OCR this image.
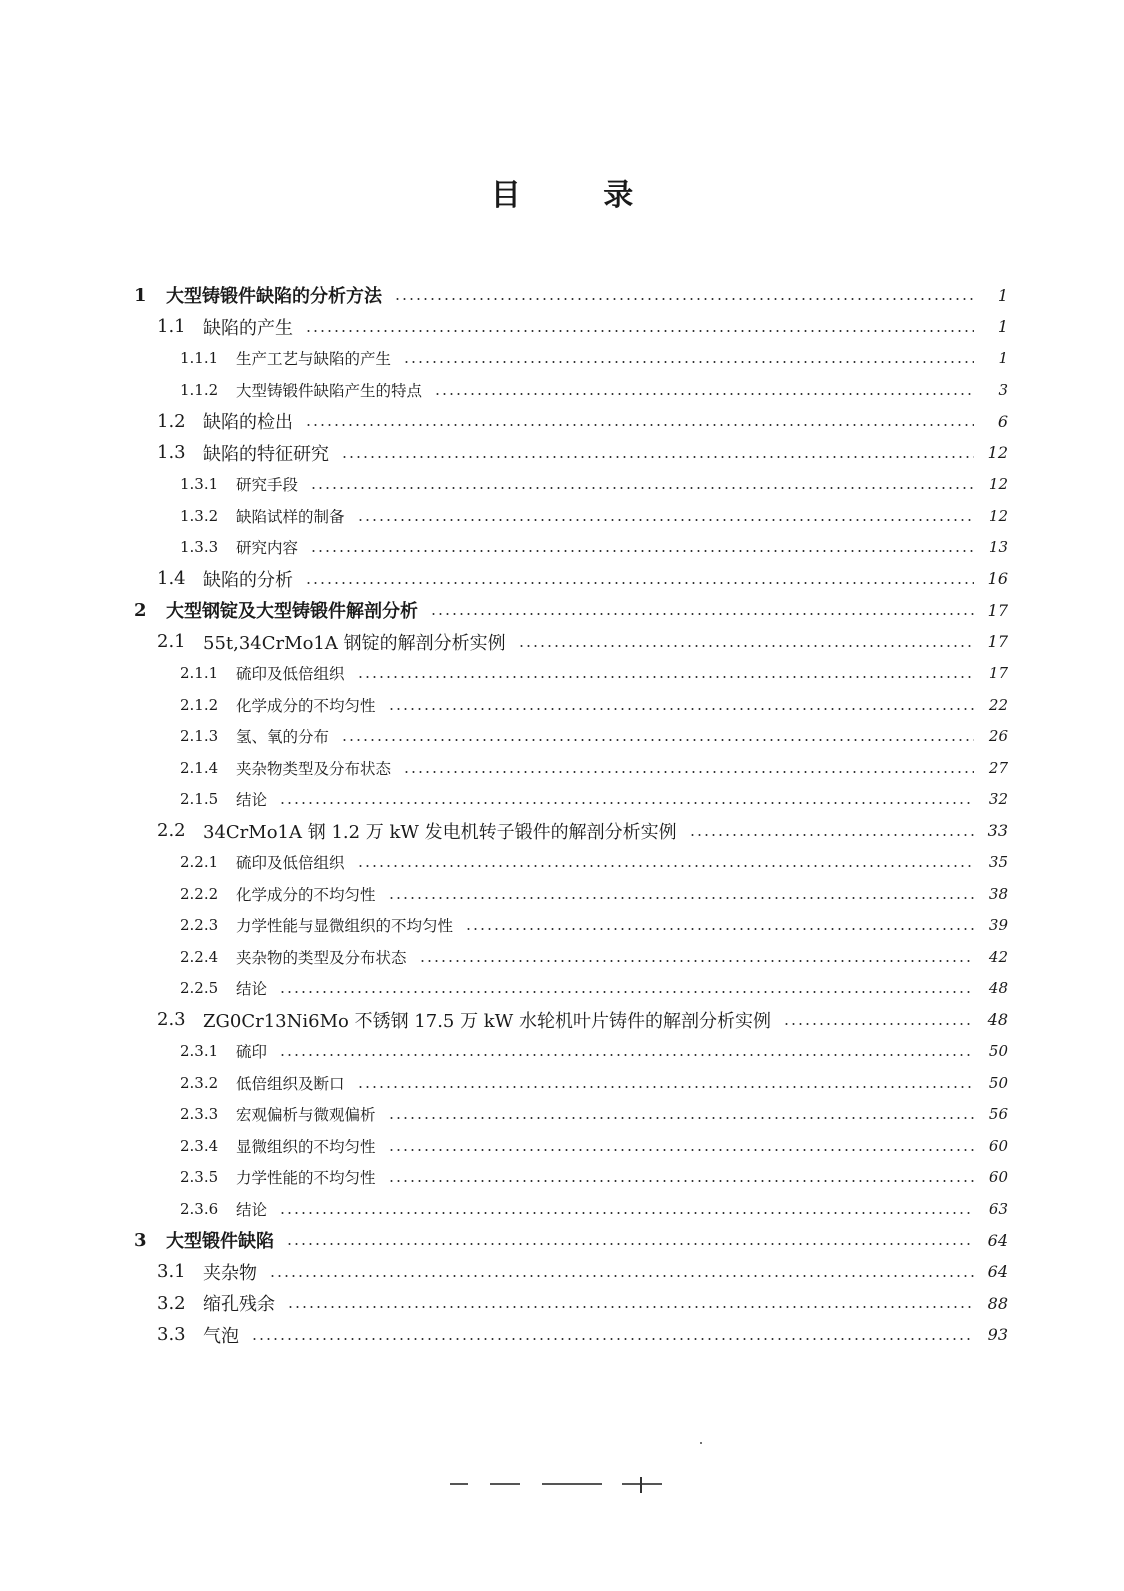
目	录
1	大型铸锻件缺陷的分析方法	1
1.1 缺陷的产生	1
1.1.1	生产工艺与缺陷的产生	1
1.1.2	大型铸锻件缺陷产生的特点	3
1.2 缺陷的检出	6
1.3 缺陷的特征研究	12
1.3.1	研究手段	12
1.3.2	缺陷试样的制备	12
1.3.3	研究内容	13
1.4 缺陷的分析	16
2	大型钢锭及大型铸锻件解剖分析	17
2.1 55t,34CrMo1A 钢锭的解剖分析实例	17
2.1.1	硫印及低倍组织	17
2.1.2	化学成分的不均匀性	22
2.1.3	氢、氧的分布	26
2.1.4	夹杂物类型及分布状态	27
2.1.5	结论	32
2.2 34CrMo1A 钢 1.2 万 kW 发电机转子锻件的解剖分析实例	33
2.2.1	硫印及低倍组织	35
2.2.2	化学成分的不均匀性	38
2.2.3	力学性能与显微组织的不均匀性	39
2.2.4	夹杂物的类型及分布状态	42
2.2.5	结论	48
2.3 ZG0Cr13Ni6Mo 不锈钢 17.5 万 kW 水轮机叶片铸件的解剖分析实例	48
2.3.1	硫印	50
2.3.2	低倍组织及断口	50
2.3.3	宏观偏析与微观偏析	56
2.3.4	显微组织的不均匀性	60
2.3.5	力学性能的不均匀性	60
2.3.6	结论	63
3	大型锻件缺陷	64
3.1 夹杂物	64
3.2 缩孔残余	88
3.3 气泡	93
